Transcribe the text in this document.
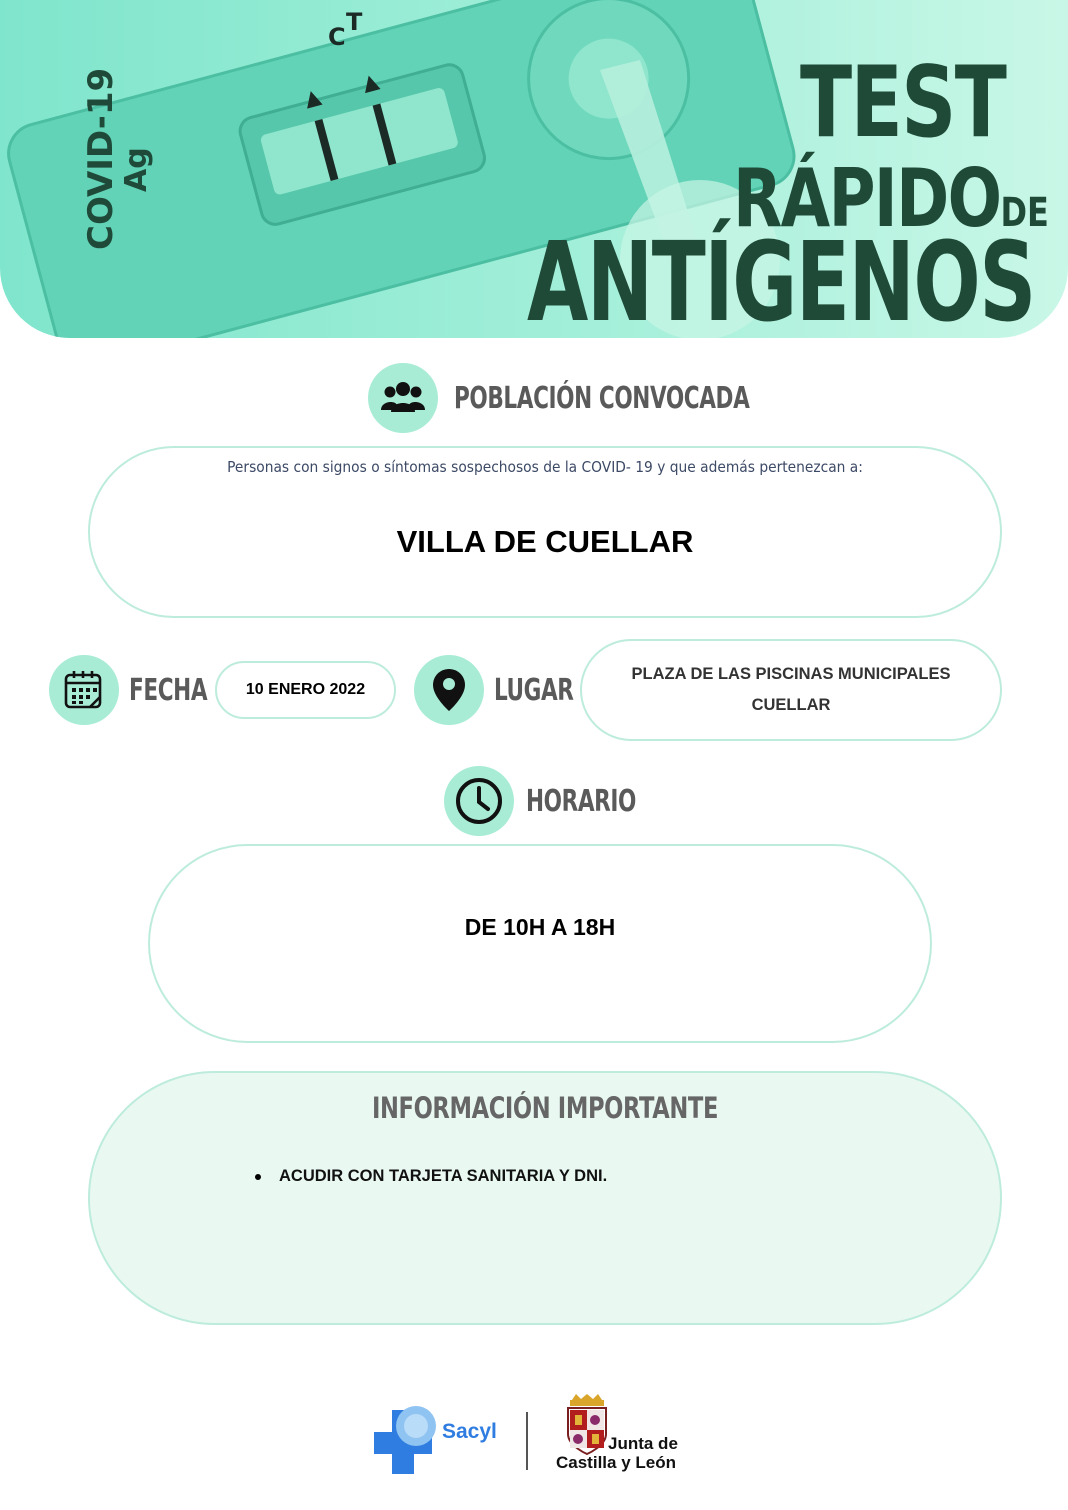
C
T
COVID-19
Ag
TEST
RÁPIDODE
ANTÍGENOS
POBLACIÓN CONVOCADA
Personas con signos o síntomas sospechosos de la COVID- 19 y que además pertenezcan a:
VILLA DE CUELLAR
FECHA 10 ENERO 2022	LUGAR	PLAZA DE LAS PISCINAS MUNICIPALES
CUELLAR
HORARIO
DE 10H A 18H
INFORMACIÓN IMPORTANTE
ACUDIR CON TARJETA SANITARIA Y DNI.
Sacyl
Junta de
Castilla y León
